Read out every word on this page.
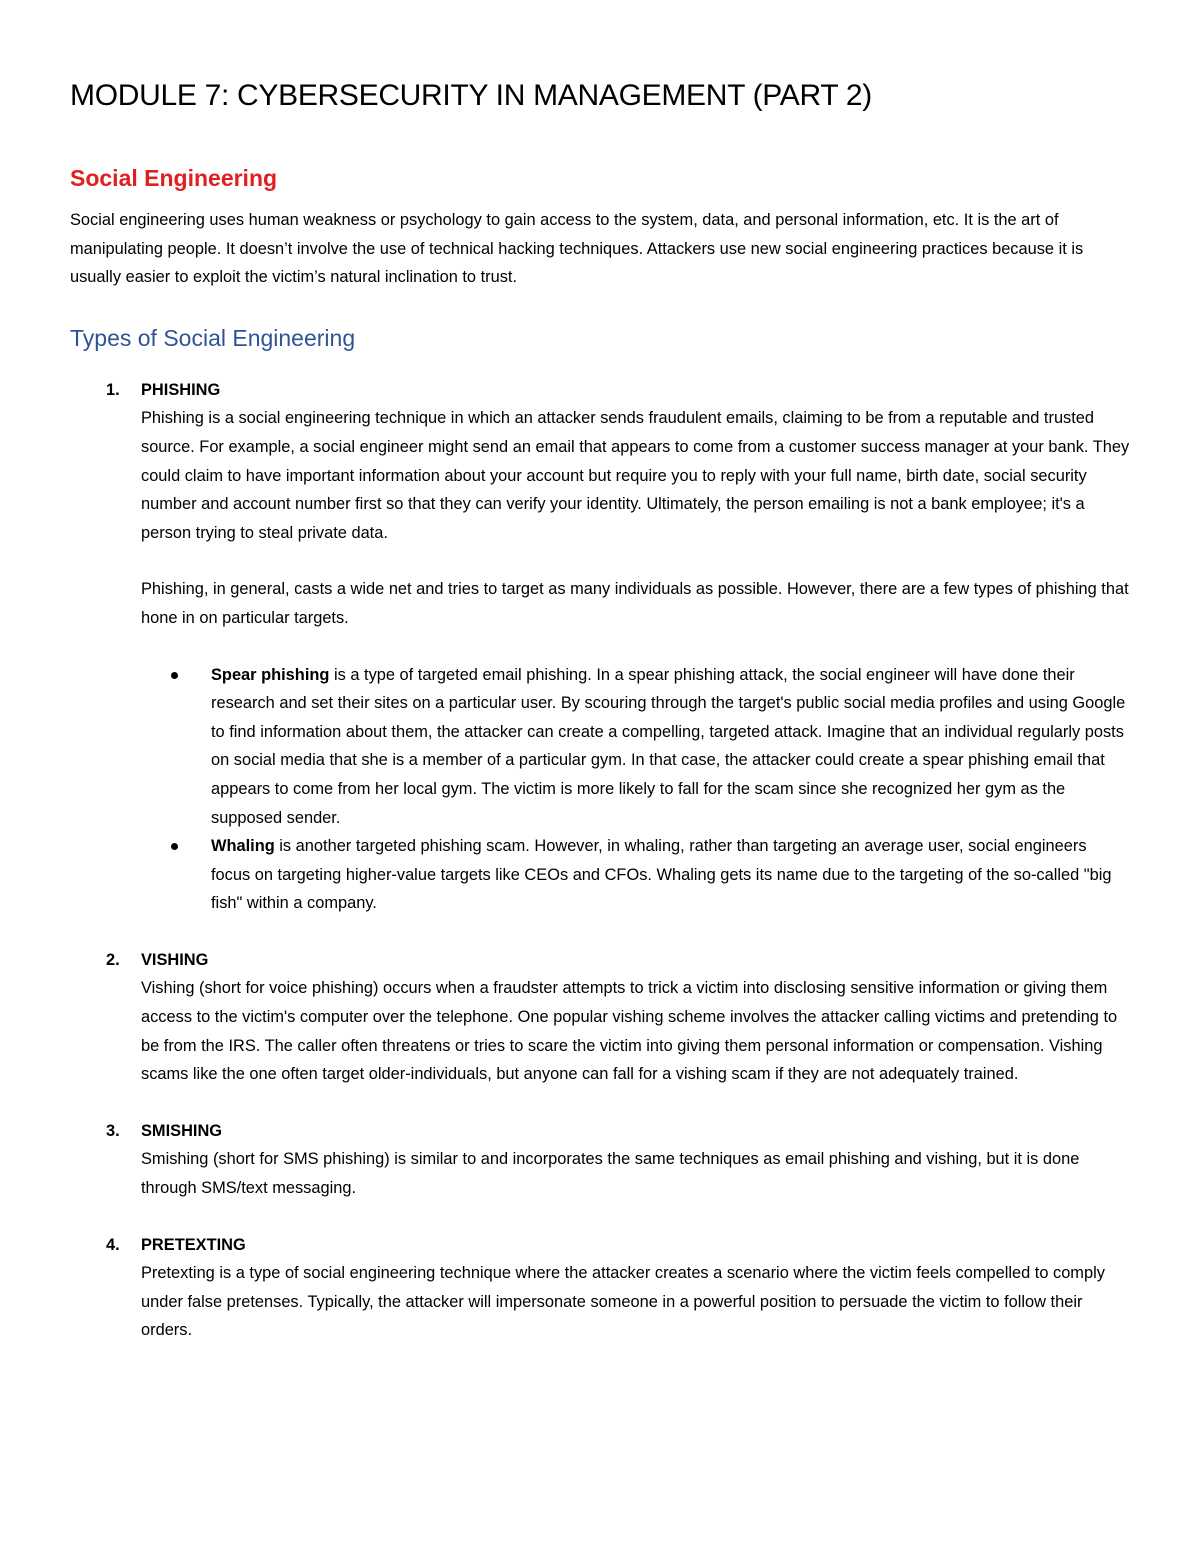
MODULE 7: CYBERSECURITY IN MANAGEMENT (PART 2)
Social Engineering

Social engineering uses human weakness or psychology to gain access to the system, data, and personal information, etc. It is the art of manipulating people. It doesn’t involve the use of technical hacking techniques. Attackers use new social engineering practices because it is usually easier to exploit the victim’s natural inclination to trust.

Types of Social Engineering
1. PHISHING

Phishing is a social engineering technique in which an attacker sends fraudulent emails, claiming to be from a reputable and trusted source. For example, a social engineer might send an email that appears to come from a customer success manager at your bank. They could claim to have important information about your account but require you to reply with your full name, birth date, social security number and account number first so that they can verify your identity. Ultimately, the person emailing is not a bank employee; it's a person trying to steal private data.

Phishing, in general, casts a wide net and tries to target as many individuals as possible. However, there are a few types of phishing that hone in on particular targets.

Spear phishing is a type of targeted email phishing. In a spear phishing attack, the social engineer will have done their research and set their sites on a particular user. By scouring through the target's public social media profiles and using Google to find information about them, the attacker can create a compelling, targeted attack. Imagine that an individual regularly posts on social media that she is a member of a particular gym. In that case, the attacker could create a spear phishing email that appears to come from her local gym. The victim is more likely to fall for the scam since she recognized her gym as the supposed sender.
Whaling is another targeted phishing scam. However, in whaling, rather than targeting an average user, social engineers focus on targeting higher-value targets like CEOs and CFOs. Whaling gets its name due to the targeting of the so-called "big fish" within a company.
2. VISHING

Vishing (short for voice phishing) occurs when a fraudster attempts to trick a victim into disclosing sensitive information or giving them access to the victim's computer over the telephone. One popular vishing scheme involves the attacker calling victims and pretending to be from the IRS. The caller often threatens or tries to scare the victim into giving them personal information or compensation. Vishing scams like the one often target older-individuals, but anyone can fall for a vishing scam if they are not adequately trained.

3. SMISHING

Smishing (short for SMS phishing) is similar to and incorporates the same techniques as email phishing and vishing, but it is done through SMS/text messaging.

4. PRETEXTING

Pretexting is a type of social engineering technique where the attacker creates a scenario where the victim feels compelled to comply under false pretenses. Typically, the attacker will impersonate someone in a powerful position to persuade the victim to follow their orders.
